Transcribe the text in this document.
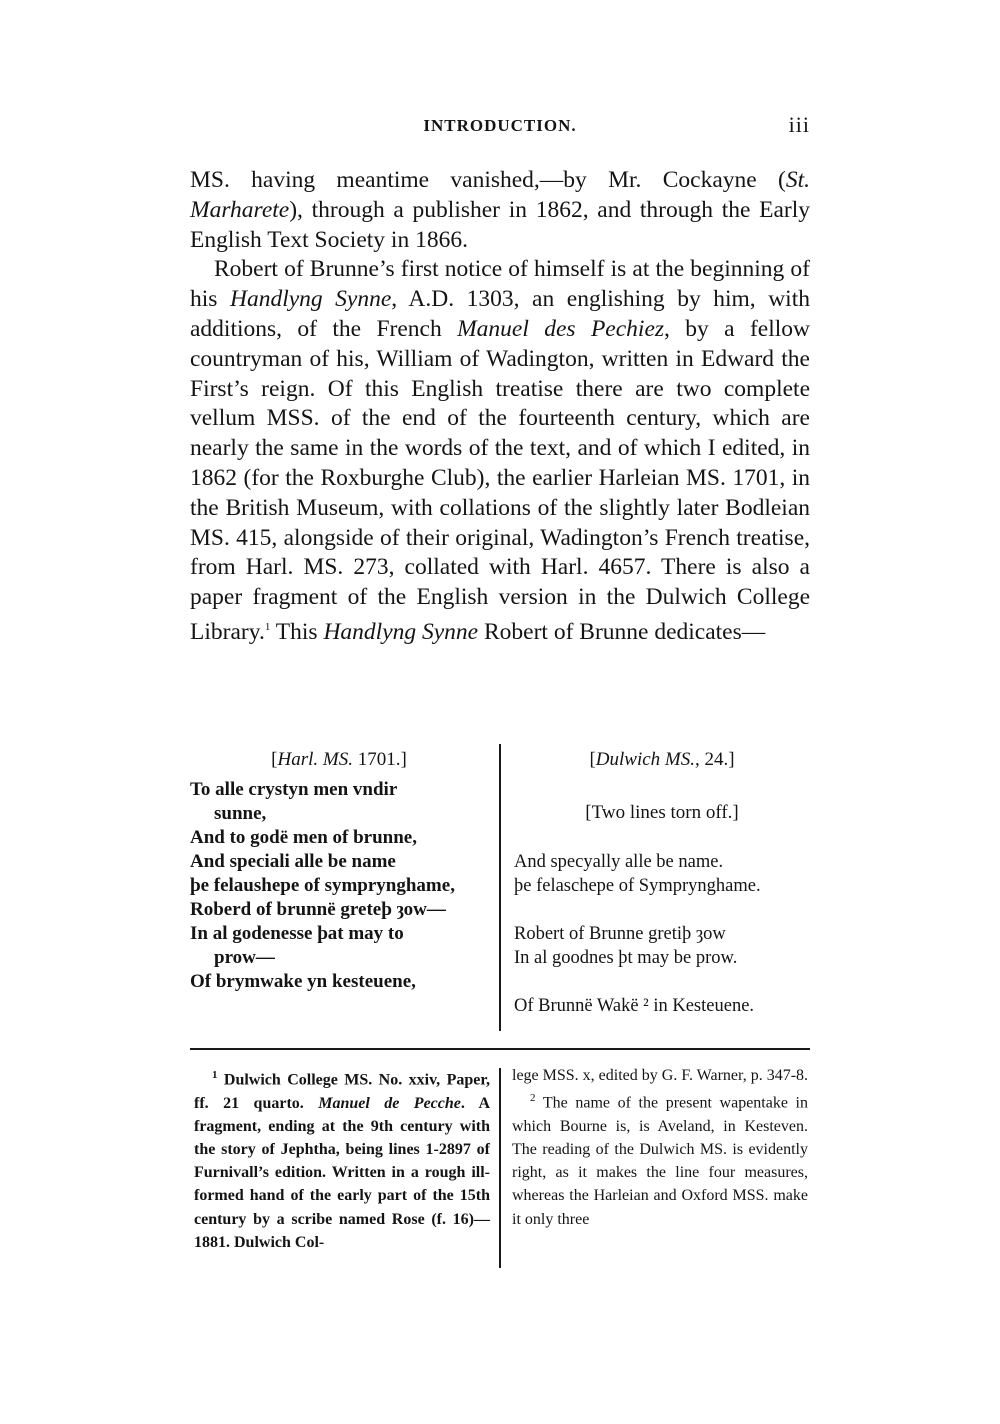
INTRODUCTION.	iii

MS. having meantime vanished,—by Mr. Cockayne (St. Marharete), through a publisher in 1862, and through the Early English Text Society in 1866.

Robert of Brunne’s first notice of himself is at the beginning of his Handlyng Synne, A.D. 1303, an englishing by him, with additions, of the French Manuel des Pechiez, by a fellow countryman of his, William of Wadington, written in Edward the First’s reign. Of this English treatise there are two complete vellum MSS. of the end of the fourteenth century, which are nearly the same in the words of the text, and of which I edited, in 1862 (for the Roxburghe Club), the earlier Harleian MS. 1701, in the British Museum, with collations of the slightly later Bodleian MS. 415, alongside of their original, Wadington’s French treatise, from Harl. MS. 273, collated with Harl. 4657. There is also a paper fragment of the English version in the Dulwich College Library.$^1$ This Handlyng Synne Robert of Brunne dedicates—

[Harl. MS. 1701.]
To alle crystyn men vndir
sunne,
And to godë men of brunne,
And speciali alle be name
þe felaushepe of symprynghame,
Roberd of brunnë greteþ ȝow—
In al godenesse þat may to
prow—
Of brymwake yn kesteuene,
[Dulwich MS., 24.]
[Two lines torn off.]
And specyally alle be name.
þe felaschepe of Symprynghame.
Robert of Brunne gretiþ ȝow
In al goodnes þt may be prow.
Of Brunnë Wakë ² in Kesteuene.

$^1$ Dulwich College MS. No. xxiv, Paper, ff. 21 quarto. Manuel de Pecche. A fragment, ending at the 9th century with the story of Jephtha, being lines 1-2897 of Furnivall’s edition. Written in a rough ill-formed hand of the early part of the 15th century by a scribe named Rose (f. 16)—1881. Dulwich Col-

lege MSS. x, edited by G. F. Warner, p. 347-8.

$^2$ The name of the present wapentake in which Bourne is, is Aveland, in Kesteven. The reading of the Dulwich MS. is evidently right, as it makes the line four measures, whereas the Harleian and Oxford MSS. make it only three
